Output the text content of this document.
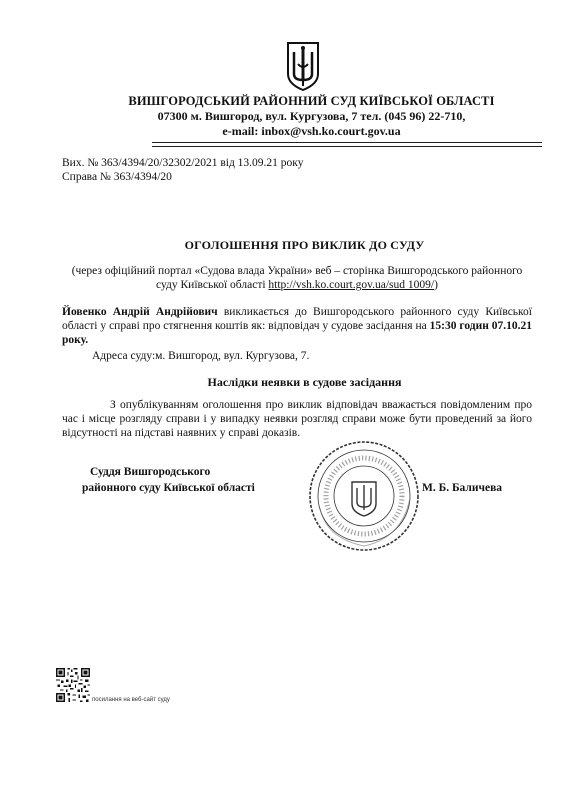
ВИШГОРОДСЬКИЙ РАЙОННИЙ СУД КИЇВСЬКОЇ ОБЛАСТІ
07300 м. Вишгород, вул. Кургузова, 7 тел. (045 96) 22-710,
e-mail: inbox@vsh.ko.court.gov.ua
Вих. № 363/4394/20/32302/2021 від 13.09.21 року
Справа № 363/4394/20
ОГОЛОШЕННЯ ПРО ВИКЛИК ДО СУДУ
(через офіційний портал «Судова влада України» веб – сторінка Вишгородського районного суду Київської області http://vsh.ko.court.gov.ua/sud 1009/)
Йовенко Андрій Андрійович викликається до Вишгородського районного суду Київської області у справі про стягнення коштів як: відповідач у судове засідання на 15:30 годин 07.10.21 року.
Адреса суду:м. Вишгород, вул. Кургузова, 7.
Наслідки неявки в судове засідання
З опублікуванням оголошення про виклик відповідач вважається повідомленим про час і місце розгляду справи і у випадку неявки розгляд справи може бути проведений за його відсутності на підставі наявних у справі доказів.
Суддя Вишгородського
районного суду Київської області	М. Б. Баличева
посилання на веб-сайт суду
